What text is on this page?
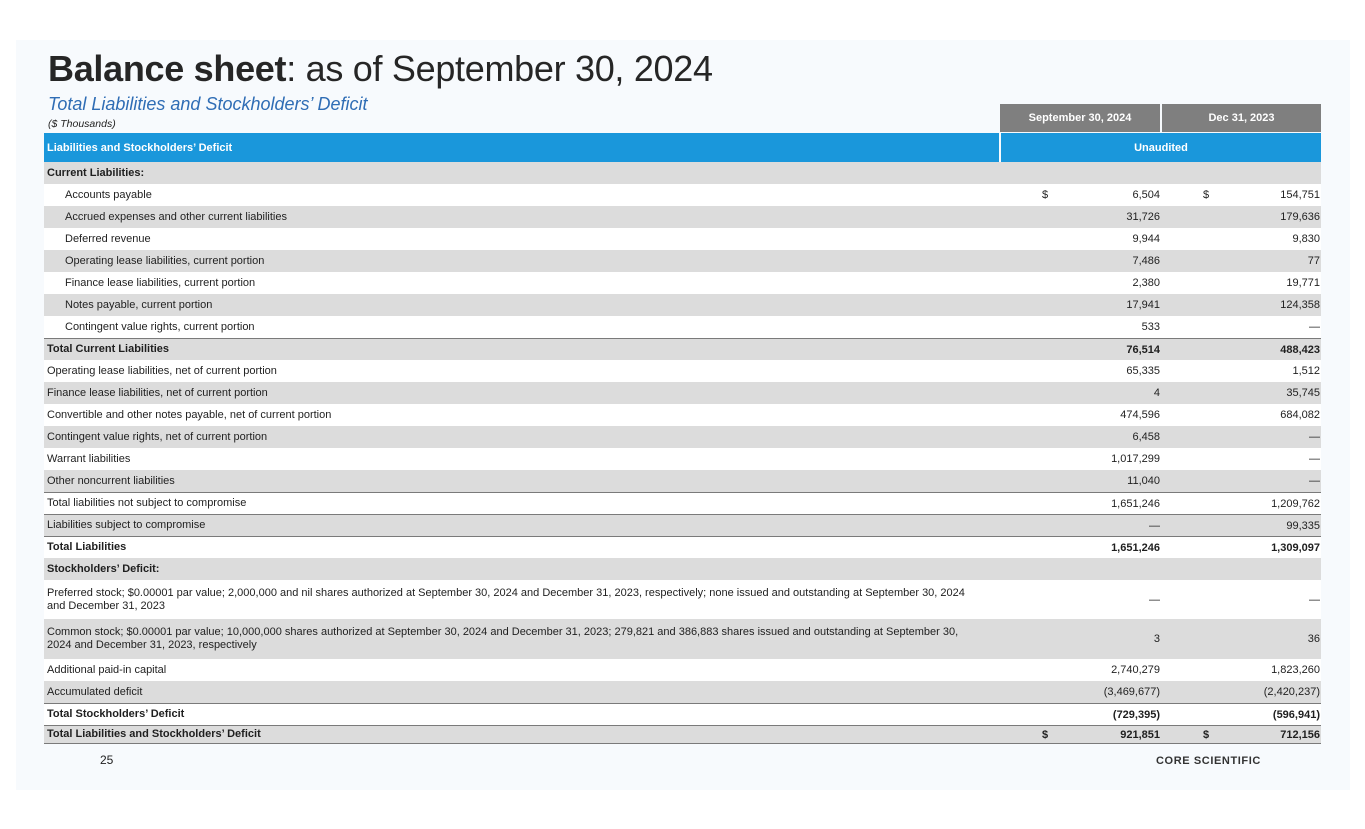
Balance sheet: as of September 30, 2024
Total Liabilities and Stockholders’ Deficit
($ Thousands)	September 30, 2024	Dec 31, 2023
Liabilities and Stockholders’ Deficit	Unaudited
Current Liabilities:
Accounts payable	$	6,504	$	154,751
Accrued expenses and other current liabilities	31,726	179,636
Deferred revenue	9,944	9,830
Operating lease liabilities, current portion	7,486	77
Finance lease liabilities, current portion	2,380	19,771
Notes payable, current portion	17,941	124,358
Contingent value rights, current portion	533	—
Total Current Liabilities	76,514	488,423
Operating lease liabilities, net of current portion	65,335	1,512
Finance lease liabilities, net of current portion	4	35,745
Convertible and other notes payable, net of current portion	474,596	684,082
Contingent value rights, net of current portion	6,458	—
Warrant liabilities	1,017,299	—
Other noncurrent liabilities	11,040	—
Total liabilities not subject to compromise	1,651,246	1,209,762
Liabilities subject to compromise	—	99,335
Total Liabilities	1,651,246	1,309,097
Stockholders’ Deficit:
Preferred stock; $0.00001 par value; 2,000,000 and nil shares authorized at September 30, 2024 and December 31, 2023, respectively; none issued and outstanding at September 30, 2024 and December 31, 2023	—	—
Common stock; $0.00001 par value; 10,000,000 shares authorized at September 30, 2024 and December 31, 2023; 279,821 and 386,883 shares issued and outstanding at September 30, 2024 and December 31, 2023, respectively	3	36
Additional paid-in capital	2,740,279	1,823,260
Accumulated deficit	(3,469,677)	(2,420,237)
Total Stockholders’ Deficit	(729,395)	(596,941)
Total Liabilities and Stockholders’ Deficit	$	921,851	$	712,156
25	CORE SCIENTIFIC
